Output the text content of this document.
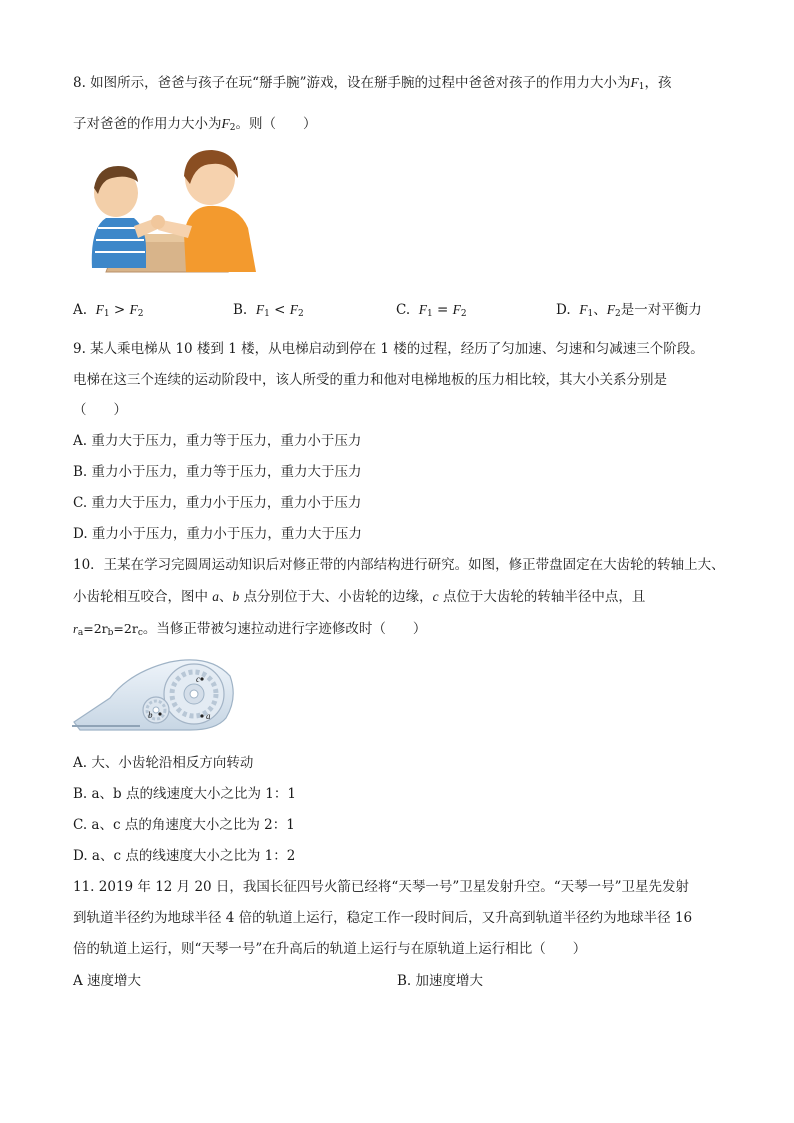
8. 如图所示，爸爸与孩子在玩“掰手腕”游戏，设在掰手腕的过程中爸爸对孩子的作用力大小为$F_1$，孩
子对爸爸的作用力大小为$F_2$。则（　　）
A. $F_1 > F_2$	B. $F_1 < F_2$	C. $F_1 = F_2$	D. $F_1$、$F_2$是一对平衡力
9. 某人乘电梯从 10 楼到 1 楼，从电梯启动到停在 1 楼的过程，经历了匀加速、匀速和匀减速三个阶段。
电梯在这三个连续的运动阶段中，该人所受的重力和他对电梯地板的压力相比较，其大小关系分别是
（　　）
A. 重力大于压力，重力等于压力，重力小于压力
B. 重力小于压力，重力等于压力，重力大于压力
C. 重力大于压力，重力小于压力，重力小于压力
D. 重力小于压力，重力小于压力，重力大于压力
10．王某在学习完圆周运动知识后对修正带的内部结构进行研究。如图，修正带盘固定在大齿轮的转轴上大、
小齿轮相互咬合，图中 a、b 点分别位于大、小齿轮的边缘，c 点位于大齿轮的转轴半径中点，且
$r_a=2r_b=2r_c$。当修正带被匀速拉动进行字迹修改时（　　）
c
a
b
A. 大、小齿轮沿相反方向转动
B. a、b 点的线速度大小之比为 1：1
C. a、c 点的角速度大小之比为 2：1
D. a、c 点的线速度大小之比为 1：2
11. 2019 年 12 月 20 日，我国长征四号火箭已经将“天琴一号”卫星发射升空。“天琴一号”卫星先发射
到轨道半径约为地球半径 4 倍的轨道上运行，稳定工作一段时间后，又升高到轨道半径约为地球半径 16
倍的轨道上运行，则“天琴一号”在升高后的轨道上运行与在原轨道上运行相比（　　）
A 速度增大	B. 加速度增大
